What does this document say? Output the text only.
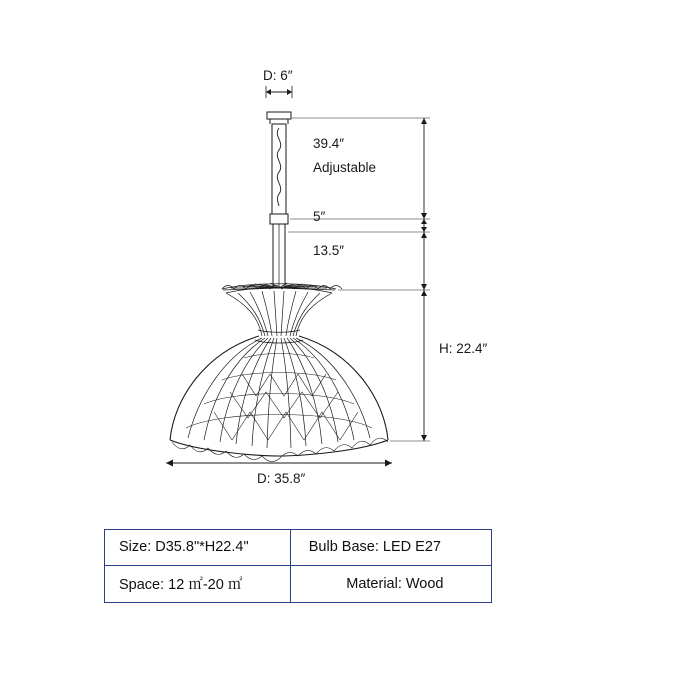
D: 6″
39.4″
Adjustable
5″
13.5″
H: 22.4″
D: 35.8″
Size: D35.8"*H22.4"	Bulb Base: LED E27
Space: 12 ㎡-20 ㎡	Material: Wood
